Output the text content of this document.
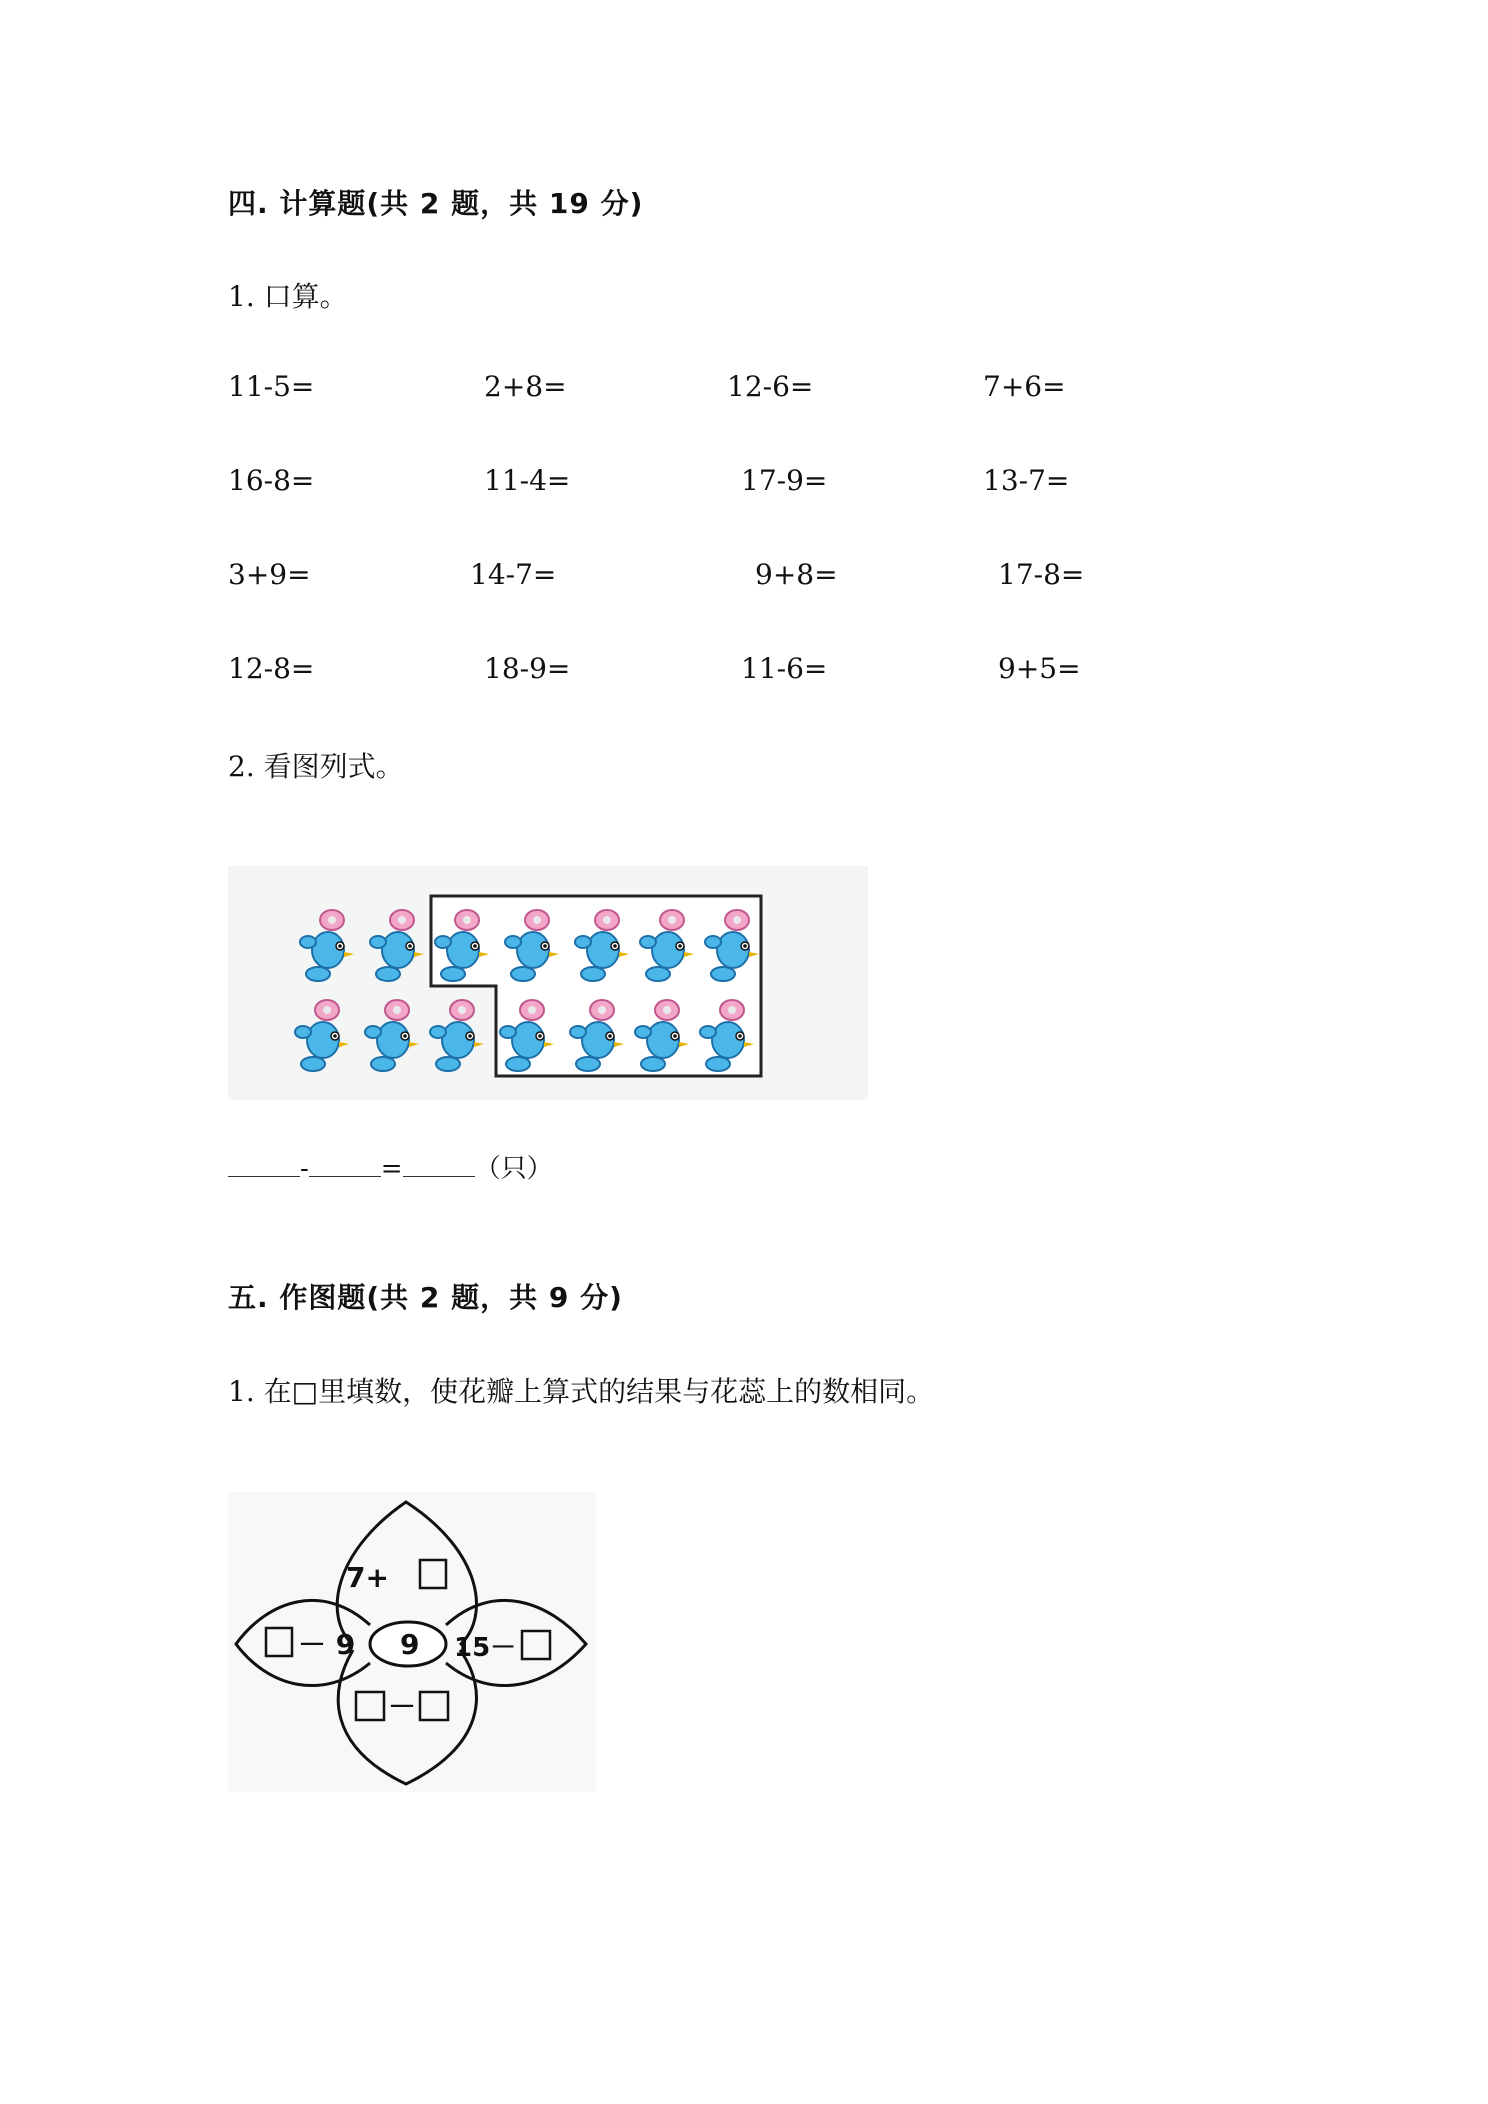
四. 计算题(共 2 题，共 19 分)
1. 口算。
11-5=	2+8=	12-6=	7+6=
16-8=	11-4=	17-9=	13-7=
3+9=	14-7=	9+8=	17-8=
12-8=	18-9=	11-6=	9+5=
2. 看图列式。
-	=	（只）
五. 作图题(共 2 题，共 9 分)
1. 在□里填数，使花瓣上算式的结果与花蕊上的数相同。
7+
9
－ 9	15－
－
